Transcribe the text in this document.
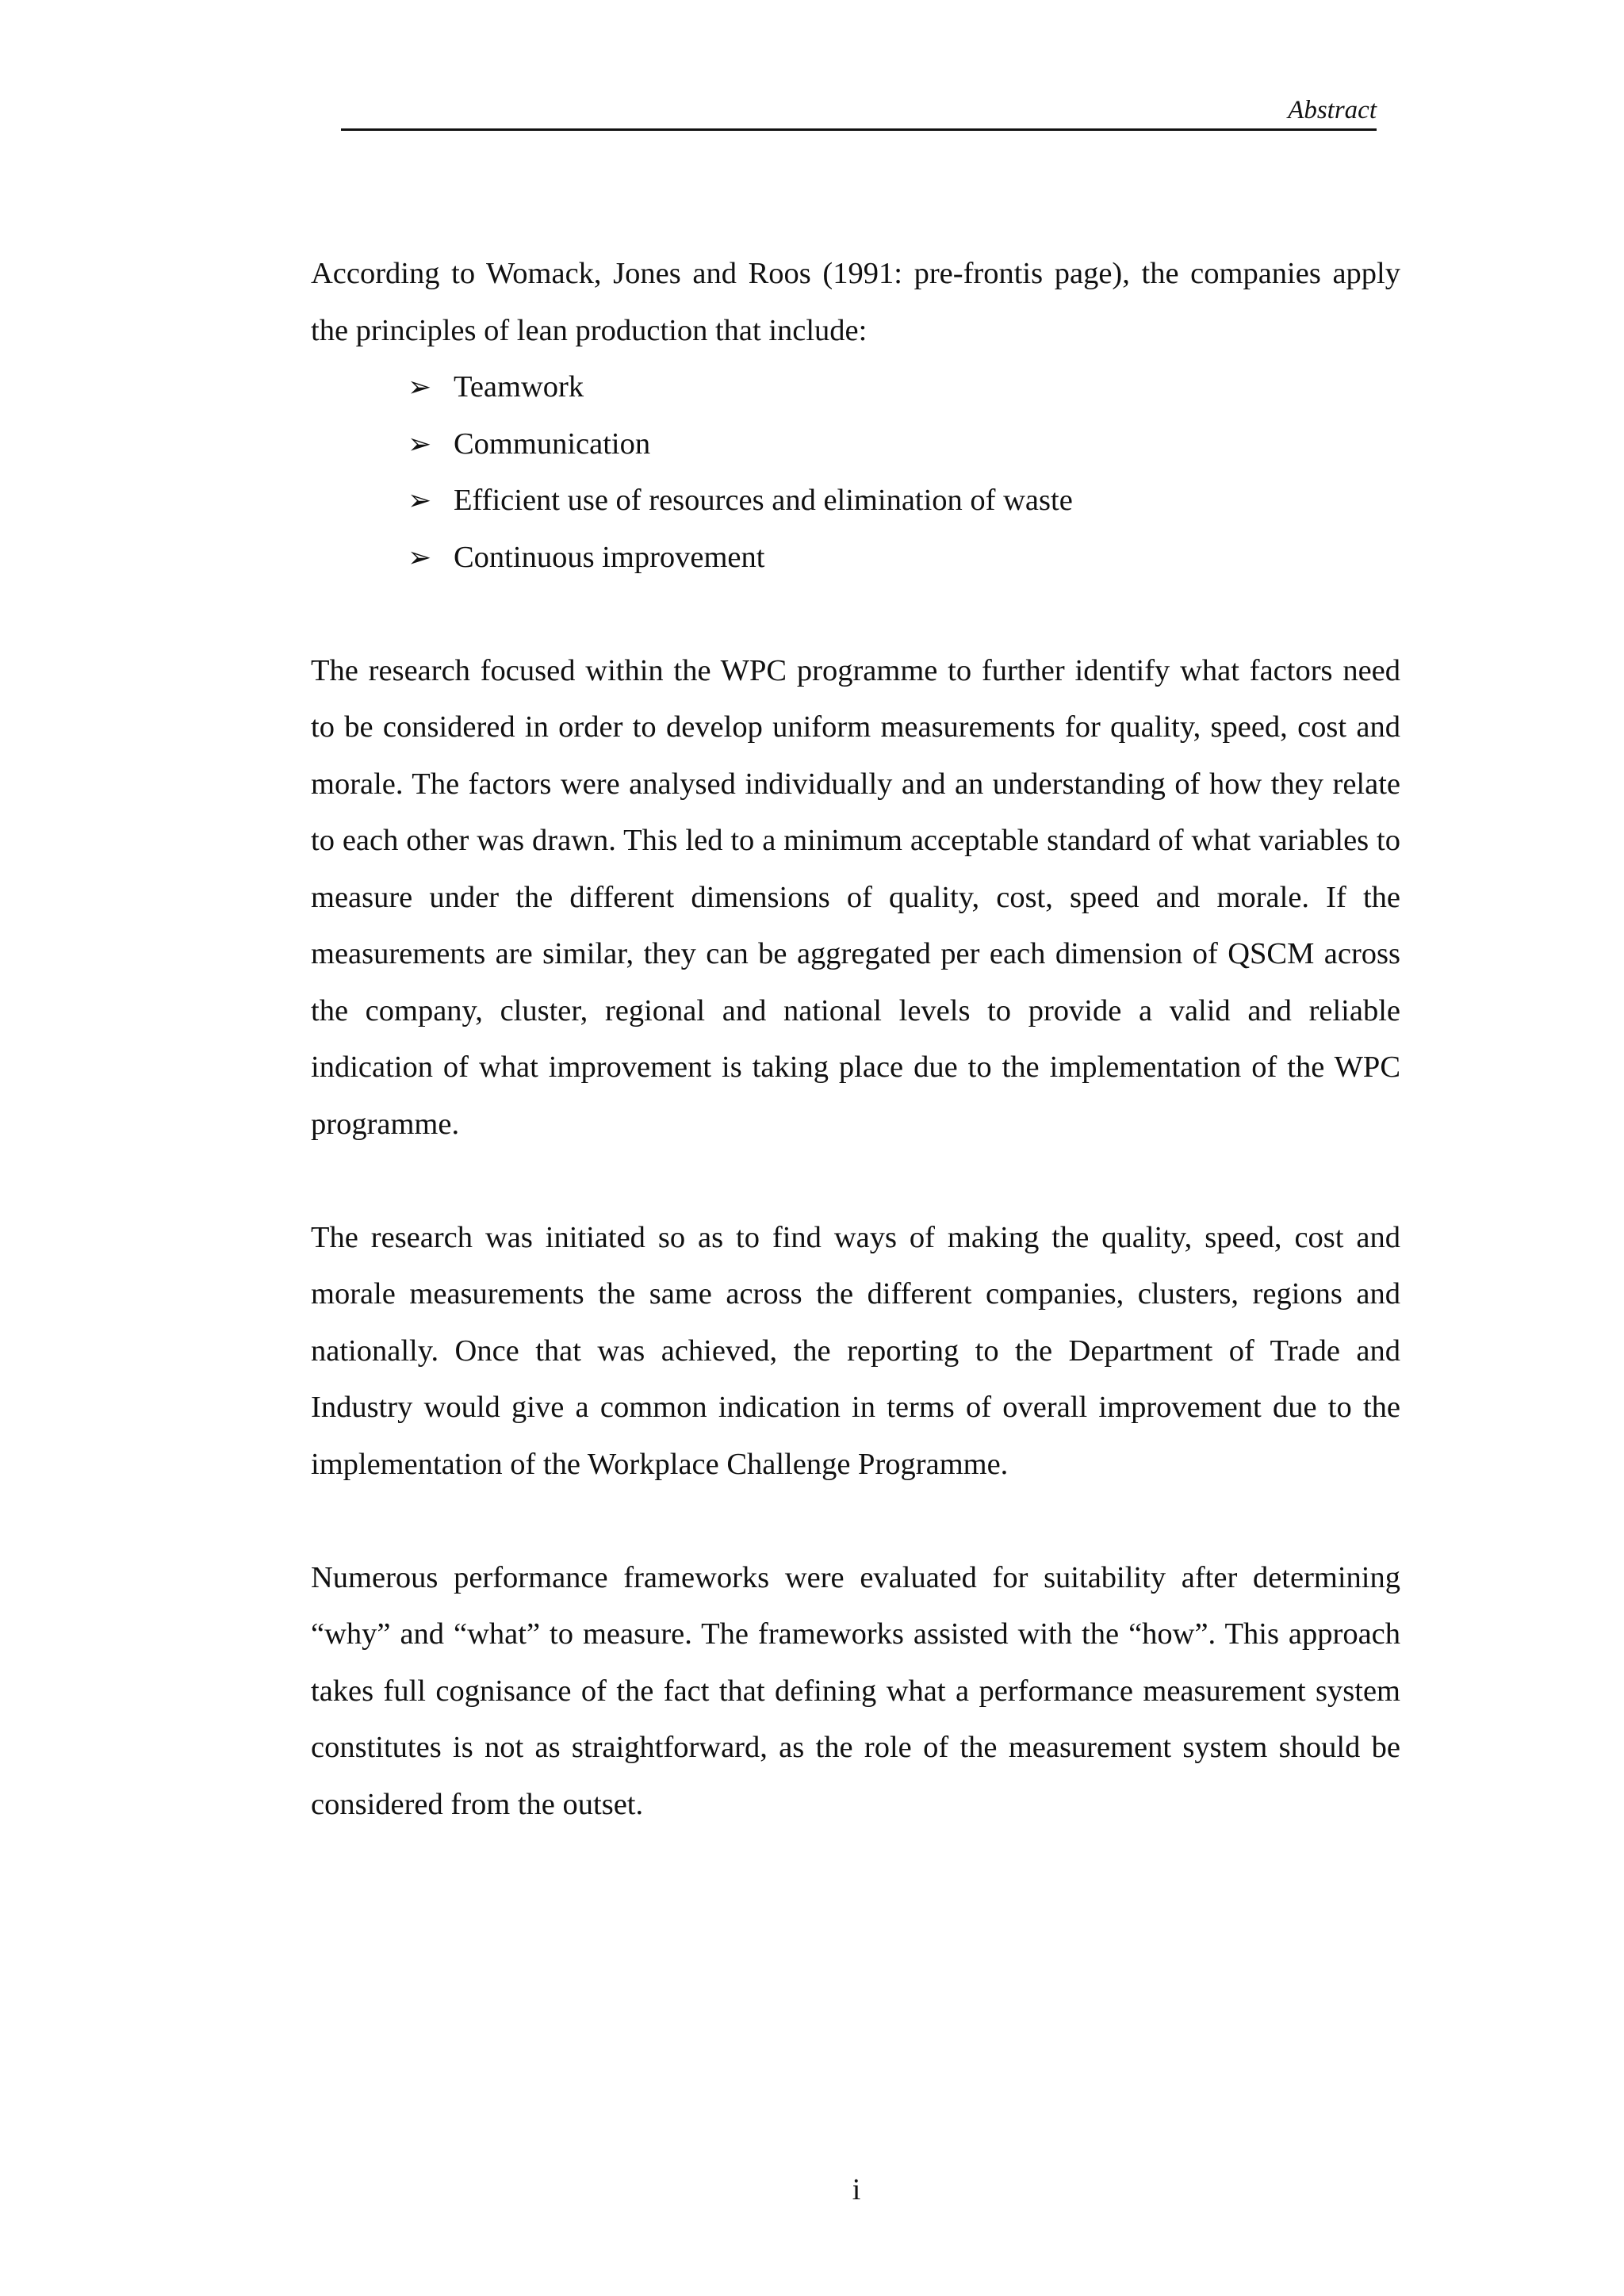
Abstract

According to Womack, Jones and Roos (1991: pre-frontis page), the companies apply the principles of lean production that include:

➢ Teamwork
➢ Communication
➢ Efficient use of resources and elimination of waste
➢ Continuous improvement

The research focused within the WPC programme to further identify what factors need to be considered in order to develop uniform measurements for quality, speed, cost and morale. The factors were analysed individually and an understanding of how they relate to each other was drawn. This led to a minimum acceptable standard of what variables to measure under the different dimensions of quality, cost, speed and morale. If the measurements are similar, they can be aggregated per each dimension of QSCM across the company, cluster, regional and national levels to provide a valid and reliable indication of what improvement is taking place due to the implementation of the WPC programme.

The research was initiated so as to find ways of making the quality, speed, cost and morale measurements the same across the different companies, clusters, regions and nationally. Once that was achieved, the reporting to the Department of Trade and Industry would give a common indication in terms of overall improvement due to the implementation of the Workplace Challenge Programme.

Numerous performance frameworks were evaluated for suitability after determining “why” and “what” to measure. The frameworks assisted with the “how”. This approach takes full cognisance of the fact that defining what a performance measurement system constitutes is not as straightforward, as the role of the measurement system should be considered from the outset.

i
